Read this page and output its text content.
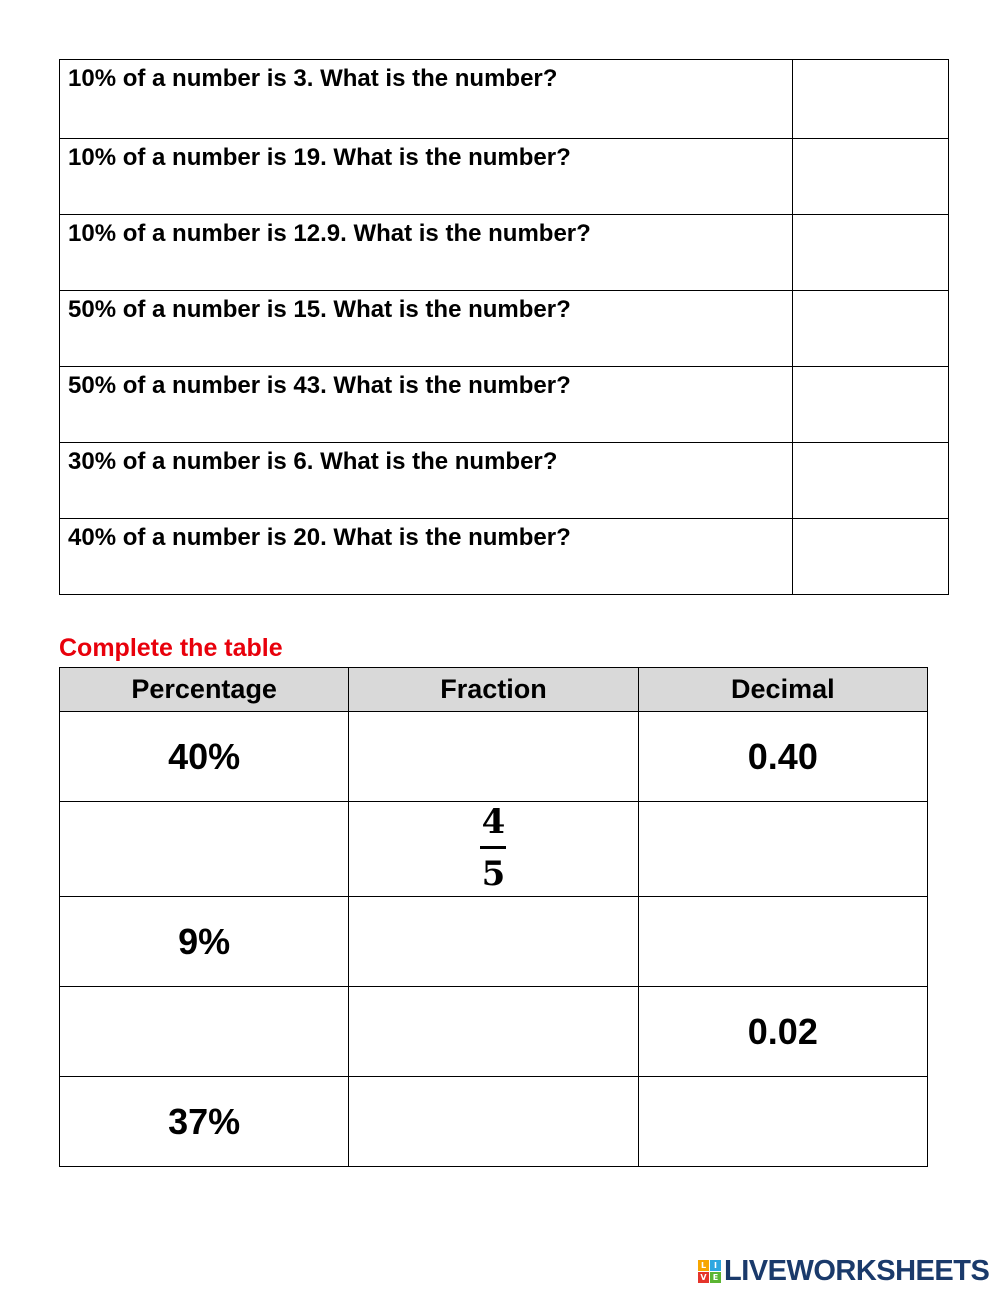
10% of a number is 3. What is the number?	
10% of a number is 19. What is the number?	
10% of a number is 12.9. What is the number?	
50% of a number is 15. What is the number?	
50% of a number is 43. What is the number?	
30% of a number is 6. What is the number?	
40% of a number is 20. What is the number?	
Complete the table
Percentage	Fraction	Decimal
40%		0.40

	$\frac{4}{5}$

9%		
		0.02
37%		
L I
V E LIVEWORKSHEETS
